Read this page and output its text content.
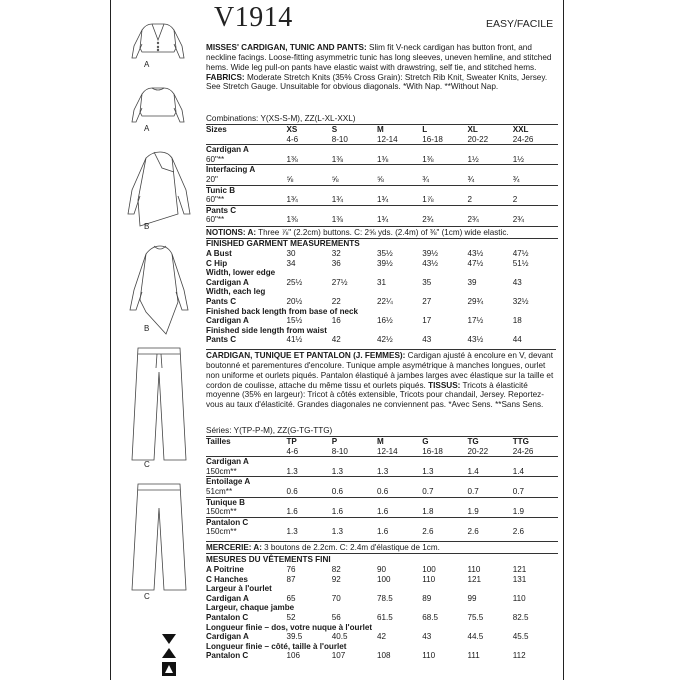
A
A
B
B
C
C
V1914	EASY/FACILE
MISSES' CARDIGAN, TUNIC AND PANTS: Slim fit V-neck cardigan has button front, and neckline facings. Loose-fitting asymmetric tunic has long sleeves, uneven hemline, and stitched hems. Wide leg pull-on pants have elastic waist with drawstring, self tie, and stitched hems. FABRICS: Moderate Stretch Knits (35% Cross Grain): Stretch Rib Knit, Sweater Knits, Jersey. See Stretch Gauge. Unsuitable for obvious diagonals. *With Nap. **Without Nap.
Combinations: Y(XS-S-M), ZZ(L-XL-XXL)
Sizes	XS	S	M	L	XL	XXL
	4-6	8-10	12-14	16-18	20-22	24-26
Cardigan A						
60"**	1⅜	1⅜	1⅜	1⅜	1½	1½
Interfacing A						
20"	⅝	⅝	⅝	¾	¾	¾
Tunic B						
60"**	1¾	1¾	1¾	1⅞	2	2
Pants C						
60"**	1⅜	1⅜	1¾	2¾	2¾	2¾
NOTIONS: A: Three ⅞" (2.2cm) buttons. C: 2⅝ yds. (2.4m) of ⅜" (1cm) wide elastic.
FINISHED GARMENT MEASUREMENTS
A Bust	30	32	35½	39½	43½	47½
C Hip	34	36	39½	43½	47½	51½
Width, lower edge						
Cardigan A	25½	27½	31	35	39	43
Width, each leg						
Pants C	20½	22	22¼	27	29¾	32½
Finished back length from base of neck						
Cardigan A	15½	16	16½	17	17½	18
Finished side length from waist						
Pants C	41½	42	42½	43	43½	44
CARDIGAN, TUNIQUE ET PANTALON (J. FEMMES): Cardigan ajusté à encolure en V, devant boutonné et parementures d'encolure. Tunique ample asymétrique à manches longues, ourlet non uniforme et ourlets piqués. Pantalon élastiqué à jambes larges avec élastique sur la taille et cordon de coulisse, attache du même tissu et ourlets piqués. TISSUS: Tricots à élasticité moyenne (35% en largeur): Tricot à côtés extensible, Tricots pour chandail, Jersey. Reportez-vous au taux d'élasticité. Grandes diagonales ne conviennent pas. *Avec Sens. **Sans Sens.
Séries: Y(TP-P-M), ZZ(G-TG-TTG)
Tailles	TP	P	M	G	TG	TTG
	4-6	8-10	12-14	16-18	20-22	24-26
Cardigan A						
150cm**	1.3	1.3	1.3	1.3	1.4	1.4
Entoilage A						
51cm**	0.6	0.6	0.6	0.7	0.7	0.7
Tunique B						
150cm**	1.6	1.6	1.6	1.8	1.9	1.9
Pantalon C						
150cm**	1.3	1.3	1.6	2.6	2.6	2.6
MERCERIE: A: 3 boutons de 2.2cm. C: 2.4m d'élastique de 1cm.
MESURES DU VÊTEMENTS FINI
A Poitrine	76	82	90	100	110	121
C Hanches	87	92	100	110	121	131
Largeur à l'ourlet						
Cardigan A	65	70	78.5	89	99	110
Largeur, chaque jambe						
Pantalon C	52	56	61.5	68.5	75.5	82.5
Longueur finie – dos, votre nuque à l'ourlet						
Cardigan A	39.5	40.5	42	43	44.5	45.5
Longueur finie – côté, taille à l'ourlet						
Pantalon C	106	107	108	110	111	112
